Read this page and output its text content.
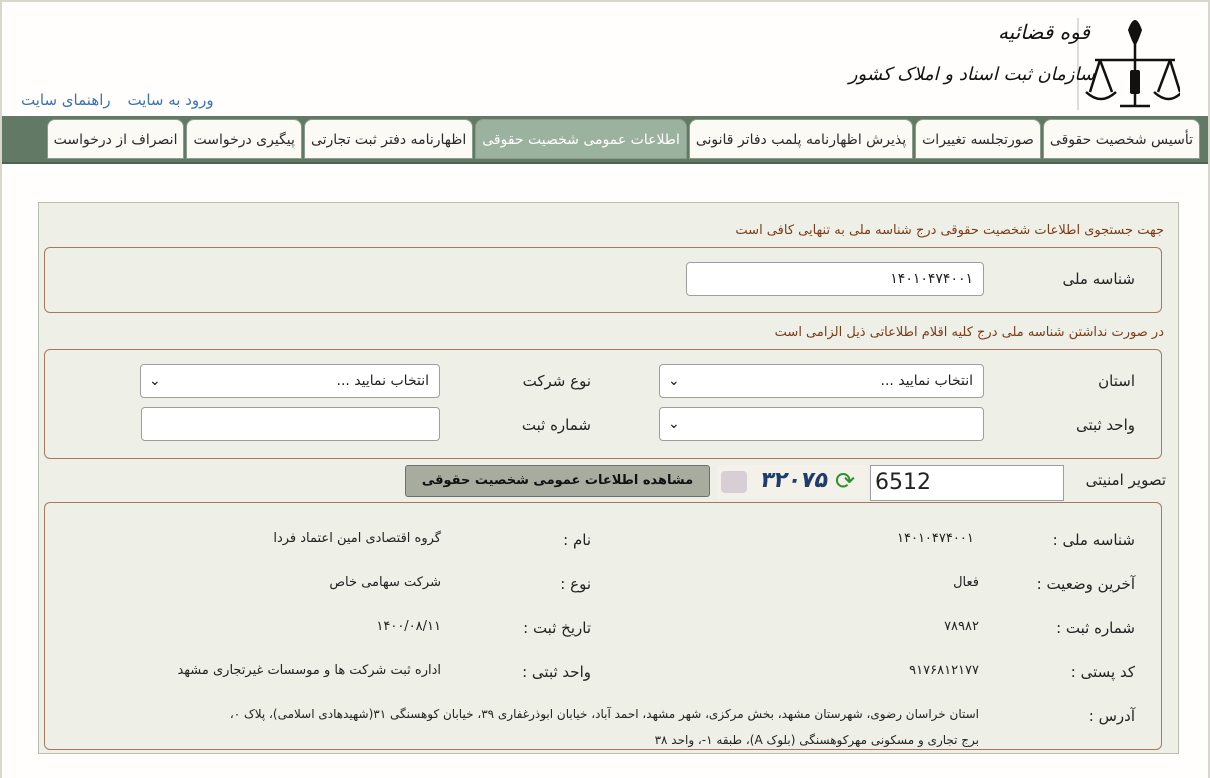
قوه قضائیه
سازمان ثبت اسناد و املاک کشور
ورود به سایت راهنمای سایت
تأسیس شخصیت حقوقی
صورتجلسه تغییرات
پذیرش اظهارنامه پلمب دفاتر قانونی
اطلاعات عمومی شخصیت حقوقی
اظهارنامه دفتر ثبت تجارتی
پیگیری درخواست
انصراف از درخواست
جهت جستجوی اطلاعات شخصیت حقوقی درج شناسه ملی به تنهایی کافی است
شناسه ملی
۱۴۰۱۰۴۷۴۰۰۱
در صورت نداشتن شناسه ملی درج کلیه اقلام اطلاعاتی ذیل الزامی است
استان
انتخاب نمایید ...
⌄
نوع شرکت
انتخاب نمایید ...
⌄
واحد ثبتی
⌄
شماره ثبت
تصویر امنیتی
6512
۳۲۰۷۵ ⟳
مشاهده اطلاعات عمومی شخصیت حقوقی
شناسه ملی :
۱۴۰۱۰۴۷۴۰۰۱
نام :
گروه اقتصادی امین اعتماد فردا
آخرین وضعیت :
فعال
نوع :
شرکت سهامی خاص
شماره ثبت :
۷۸۹۸۲
تاریخ ثبت :
۱۴۰۰/۰۸/۱۱
کد پستی :
۹۱۷۶۸۱۲۱۷۷
واحد ثبتی :
اداره ثبت شرکت ها و موسسات غیرتجاری مشهد
آدرس :
استان خراسان رضوی، شهرستان مشهد، بخش مرکزی، شهر مشهد، احمد آباد، خیابان ابوذرغفاری ۳۹، خیابان کوهسنگی ۳۱(شهیدهادی اسلامی)، پلاک ۰،
برج تجاری و مسکونی مهرکوهسنگی (بلوک A)، طبقه ۱-، واحد ۳۸
